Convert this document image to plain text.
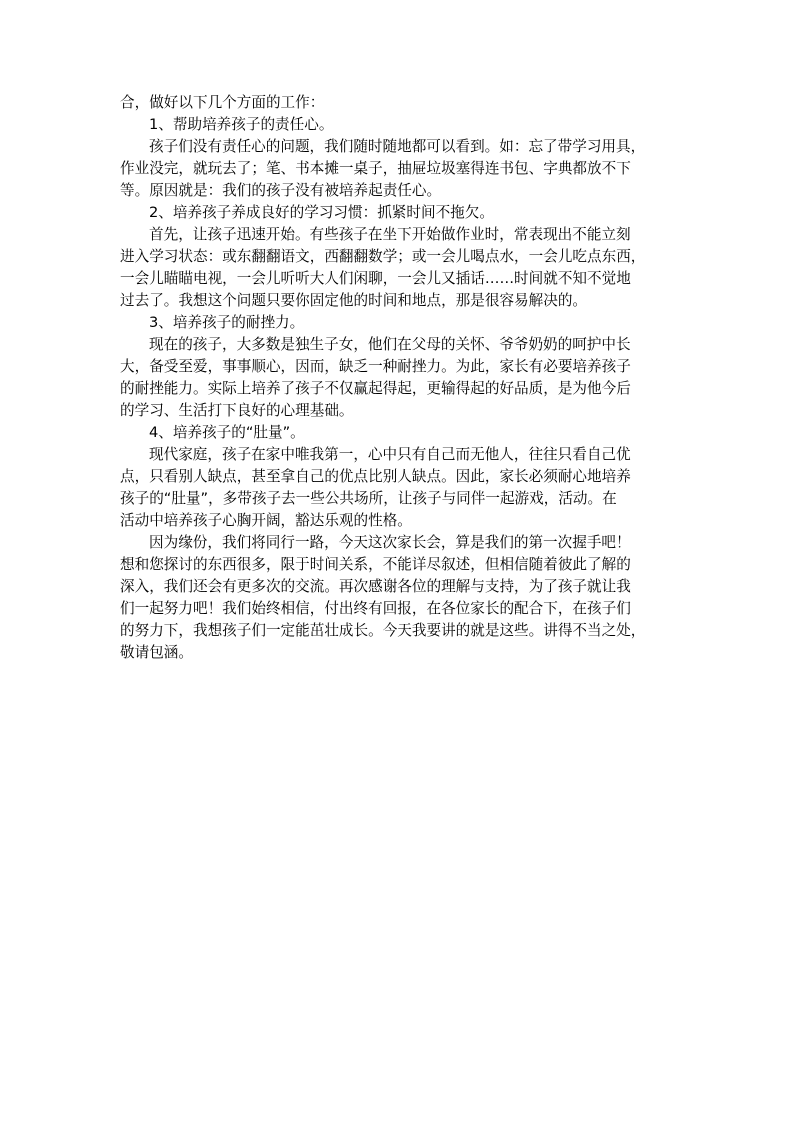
合，做好以下几个方面的工作：
1、帮助培养孩子的责任心。
孩子们没有责任心的问题，我们随时随地都可以看到。如：忘了带学习用具，
作业没完，就玩去了；笔、书本摊一桌子，抽屉垃圾塞得连书包、字典都放不下
等。原因就是：我们的孩子没有被培养起责任心。
2、培养孩子养成良好的学习习惯：抓紧时间不拖欠。
首先，让孩子迅速开始。有些孩子在坐下开始做作业时，常表现出不能立刻
进入学习状态：或东翻翻语文，西翻翻数学；或一会儿喝点水，一会儿吃点东西，
一会儿瞄瞄电视，一会儿听听大人们闲聊，一会儿又插话……时间就不知不觉地
过去了。我想这个问题只要你固定他的时间和地点，那是很容易解决的。
3、培养孩子的耐挫力。
现在的孩子，大多数是独生子女，他们在父母的关怀、爷爷奶奶的呵护中长
大，备受至爱，事事顺心，因而，缺乏一种耐挫力。为此，家长有必要培养孩子
的耐挫能力。实际上培养了孩子不仅赢起得起，更输得起的好品质，是为他今后
的学习、生活打下良好的心理基础。
4、培养孩子的“肚量”。
现代家庭，孩子在家中唯我第一，心中只有自己而无他人，往往只看自己优
点，只看别人缺点，甚至拿自己的优点比别人缺点。因此，家长必须耐心地培养
孩子的“肚量”，多带孩子去一些公共场所，让孩子与同伴一起游戏，活动。在
活动中培养孩子心胸开阔，豁达乐观的性格。
因为缘份，我们将同行一路，今天这次家长会，算是我们的第一次握手吧！
想和您探讨的东西很多，限于时间关系，不能详尽叙述，但相信随着彼此了解的
深入，我们还会有更多次的交流。再次感谢各位的理解与支持，为了孩子就让我
们一起努力吧！我们始终相信，付出终有回报，在各位家长的配合下，在孩子们
的努力下，我想孩子们一定能茁壮成长。今天我要讲的就是这些。讲得不当之处，
敬请包涵。
